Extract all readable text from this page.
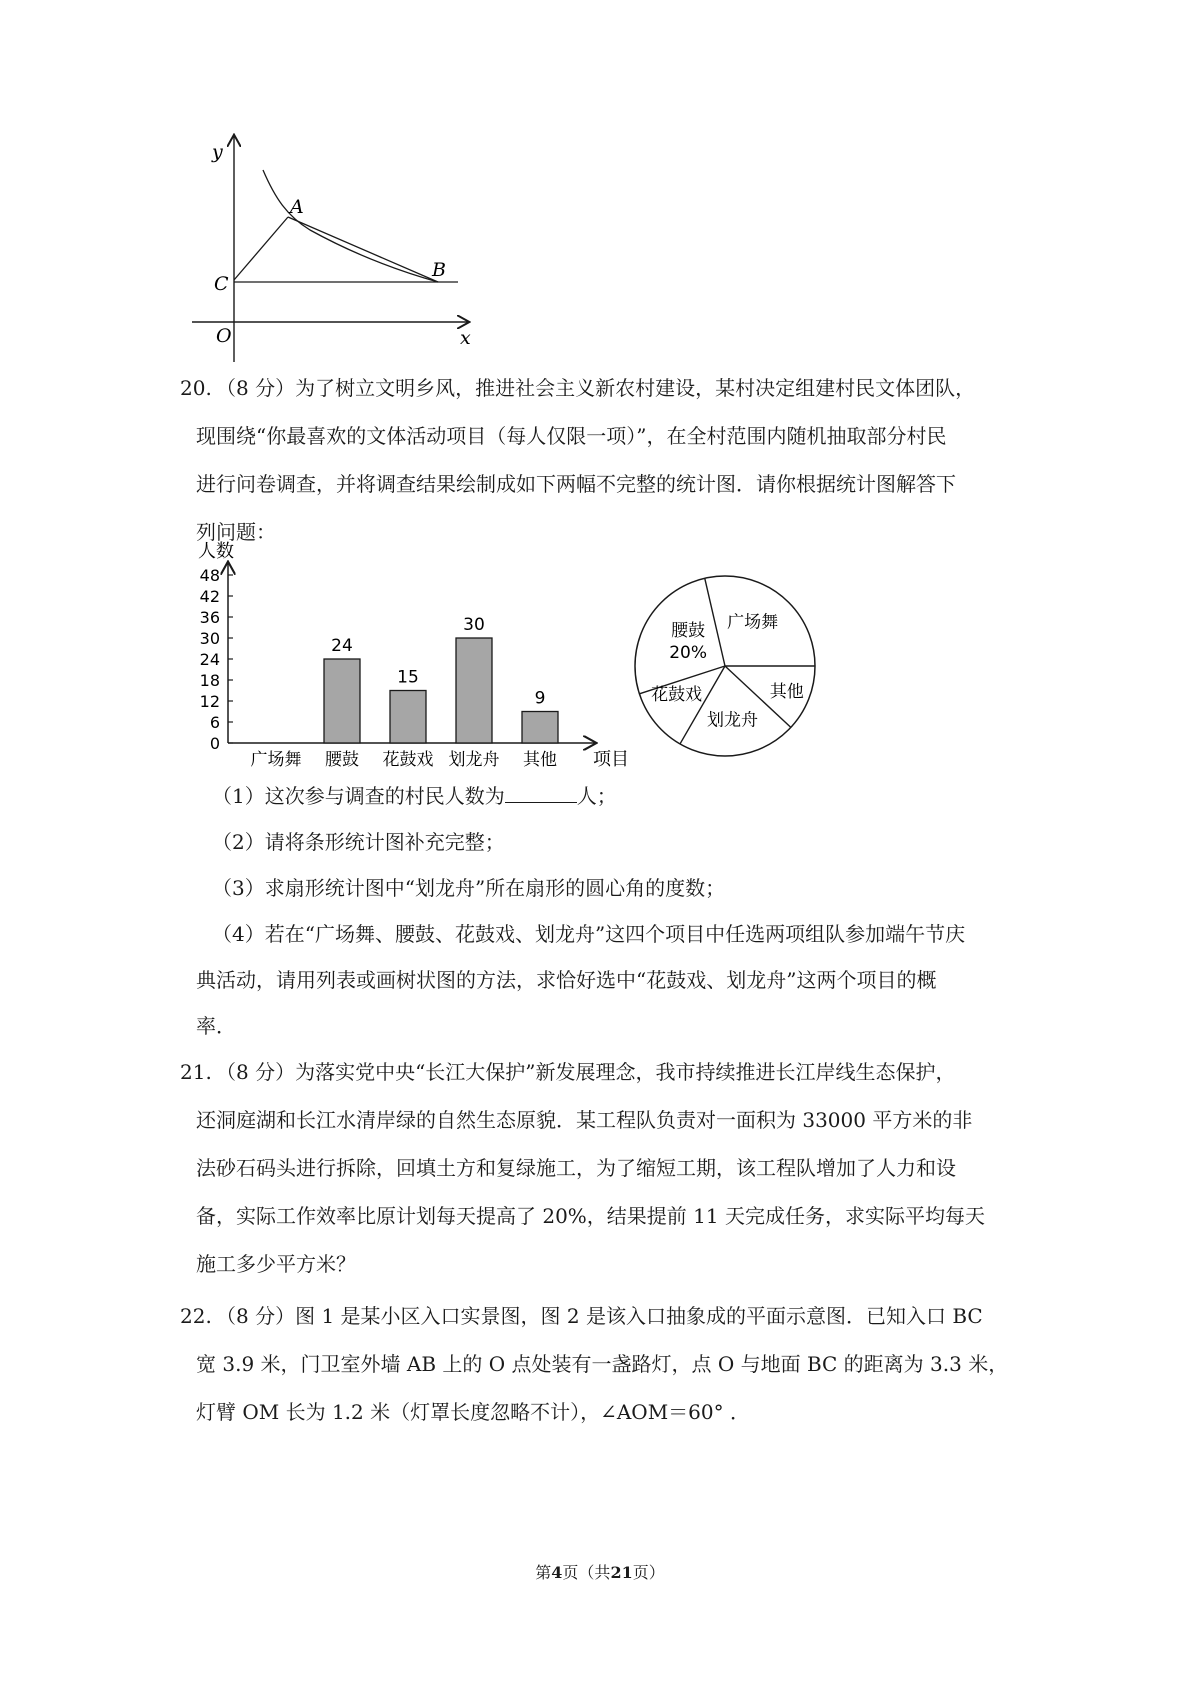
y
x
O
A
B
C
20. （8 分）为了树立文明乡风，推进社会主义新农村建设，某村决定组建村民文体团队，
现围绕“你最喜欢的文体活动项目（每人仅限一项）”，在全村范围内随机抽取部分村民
进行问卷调查，并将调查结果绘制成如下两幅不完整的统计图．请你根据统计图解答下
列问题：
人数
项目
0
6
12
18
24
30
36
42
48
广场舞 腰鼓
24
花鼓戏
15
划龙舟
30
其他
9
广场舞
其他
划龙舟
花鼓戏
腰鼓
20%
（1）这次参与调查的村民人数为	人；
（2）请将条形统计图补充完整；
（3）求扇形统计图中“划龙舟”所在扇形的圆心角的度数；
（4）若在“广场舞、腰鼓、花鼓戏、划龙舟”这四个项目中任选两项组队参加端午节庆
典活动，请用列表或画树状图的方法，求恰好选中“花鼓戏、划龙舟”这两个项目的概
率．
21. （8 分）为落实党中央“长江大保护”新发展理念，我市持续推进长江岸线生态保护，
还洞庭湖和长江水清岸绿的自然生态原貌．某工程队负责对一面积为 33000 平方米的非
法砂石码头进行拆除，回填土方和复绿施工，为了缩短工期，该工程队增加了人力和设
备，实际工作效率比原计划每天提高了 20%，结果提前 11 天完成任务，求实际平均每天
施工多少平方米？
22. （8 分）图 1 是某小区入口实景图，图 2 是该入口抽象成的平面示意图．已知入口 BC
宽 3.9 米，门卫室外墙 AB 上的 O 点处装有一盏路灯，点 O 与地面 BC 的距离为 3.3 米，
灯臂 OM 长为 1.2 米（灯罩长度忽略不计），∠AOM＝60° ．
第4页（共21页）
